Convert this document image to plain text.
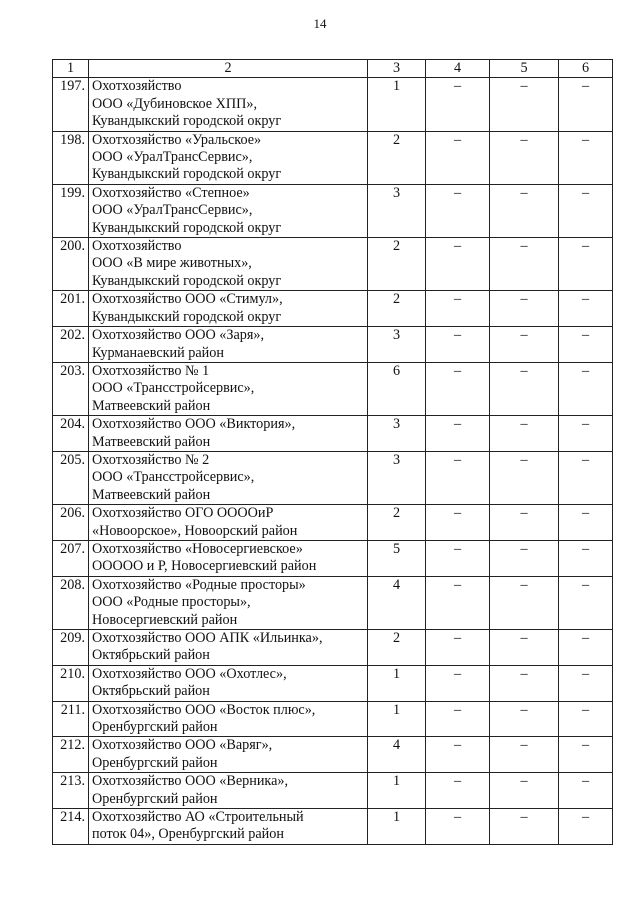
14
1	2	3	4	5	6
197.	Охотхозяйство
ООО «Дубиновское ХПП»,
Кувандыкский городской округ	1	–	–	–
198.	Охотхозяйство «Уральское»
ООО «УралТрансСервис»,
Кувандыкский городской округ	2	–	–	–
199.	Охотхозяйство «Степное»
ООО «УралТрансСервис»,
Кувандыкский городской округ	3	–	–	–
200.	Охотхозяйство
ООО «В мире животных»,
Кувандыкский городской округ	2	–	–	–
201.	Охотхозяйство ООО «Стимул»,
Кувандыкский городской округ	2	–	–	–
202.	Охотхозяйство ООО «Заря»,
Курманаевский район	3	–	–	–
203.	Охотхозяйство № 1
ООО «Трансстройсервис»,
Матвеевский район	6	–	–	–
204.	Охотхозяйство ООО «Виктория»,
Матвеевский район	3	–	–	–
205.	Охотхозяйство № 2
ООО «Трансстройсервис»,
Матвеевский район	3	–	–	–
206.	Охотхозяйство ОГО ООООиР
«Новоорское», Новоорский район	2	–	–	–
207.	Охотхозяйство «Новосергиевское»
ООООО и Р, Новосергиевский район	5	–	–	–
208.	Охотхозяйство «Родные просторы»
ООО «Родные просторы»,
Новосергиевский район	4	–	–	–
209.	Охотхозяйство ООО АПК «Ильинка»,
Октябрьский район	2	–	–	–
210.	Охотхозяйство ООО «Охотлес»,
Октябрьский район	1	–	–	–
211.	Охотхозяйство ООО «Восток плюс»,
Оренбургский район	1	–	–	–
212.	Охотхозяйство ООО «Варяг»,
Оренбургский район	4	–	–	–
213.	Охотхозяйство ООО «Верника»,
Оренбургский район	1	–	–	–
214.	Охотхозяйство АО «Строительный
поток 04», Оренбургский район	1	–	–	–
